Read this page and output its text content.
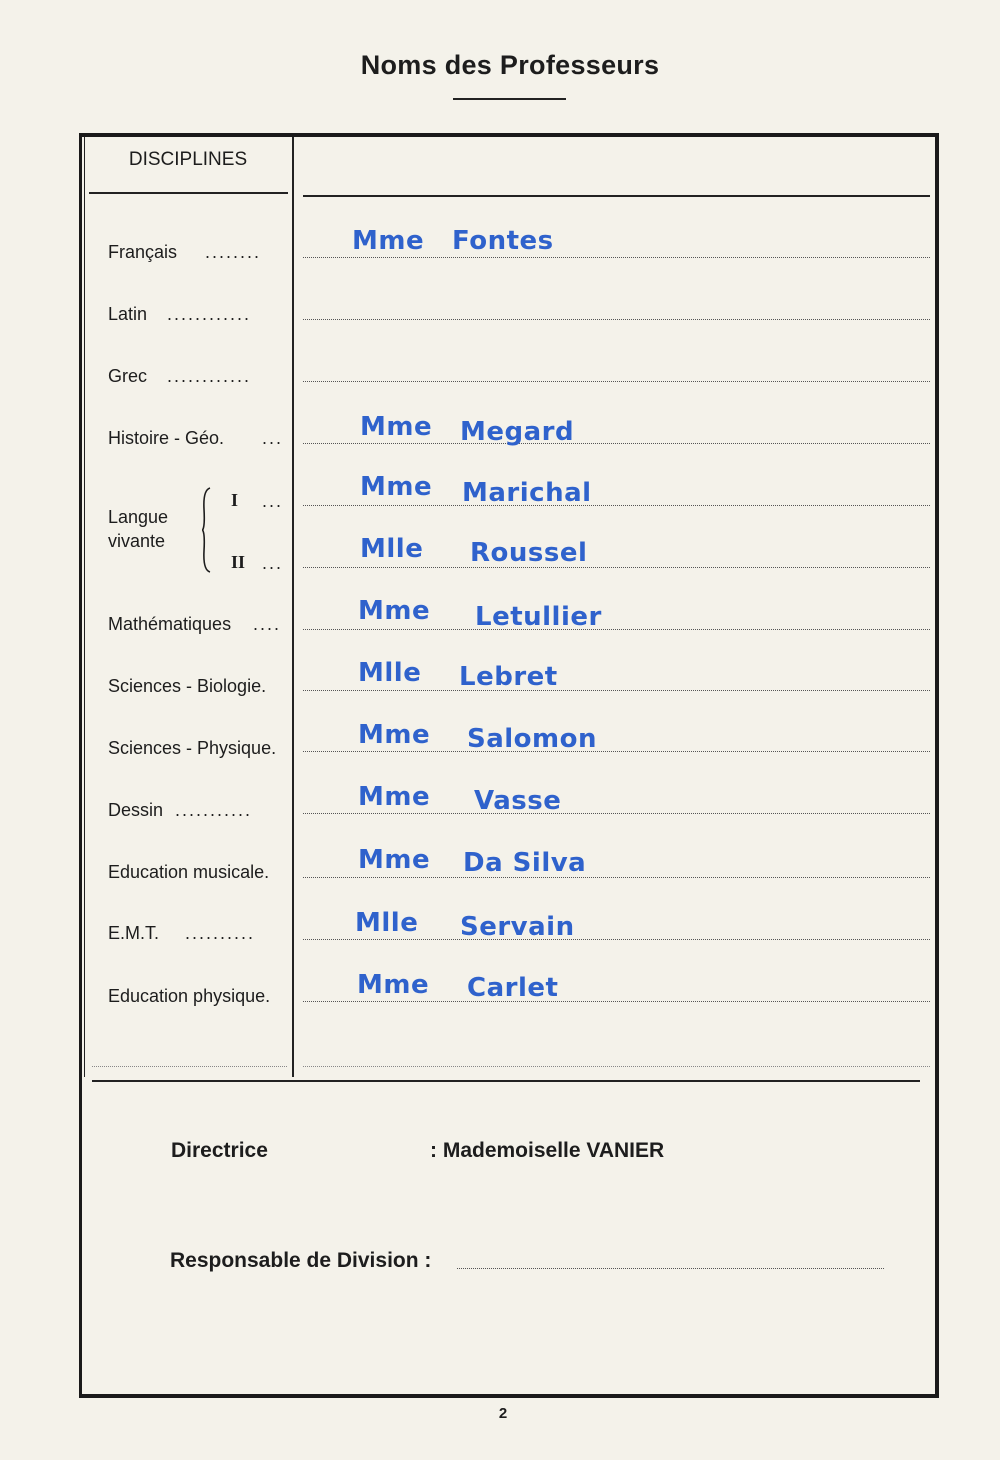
Noms des Professeurs
DISCIPLINES
Français ........	Mme Fontes
Latin ............
Grec ............
Histoire - Géo. ...	Mme Megard
Langue
vivante
I ...	Mme Marichal
II ...	Mlle Roussel
Mathématiques ....	Mme Letullier
Sciences - Biologie.	Mlle Lebret
Sciences - Physique.	Mme Salomon
Dessin ...........	Mme Vasse
Education musicale.	Mme Da Silva
E.M.T. ..........	Mlle Servain
Education physique.	Mme Carlet
Directrice	: Mademoiselle VANIER
Responsable de Division :
2
